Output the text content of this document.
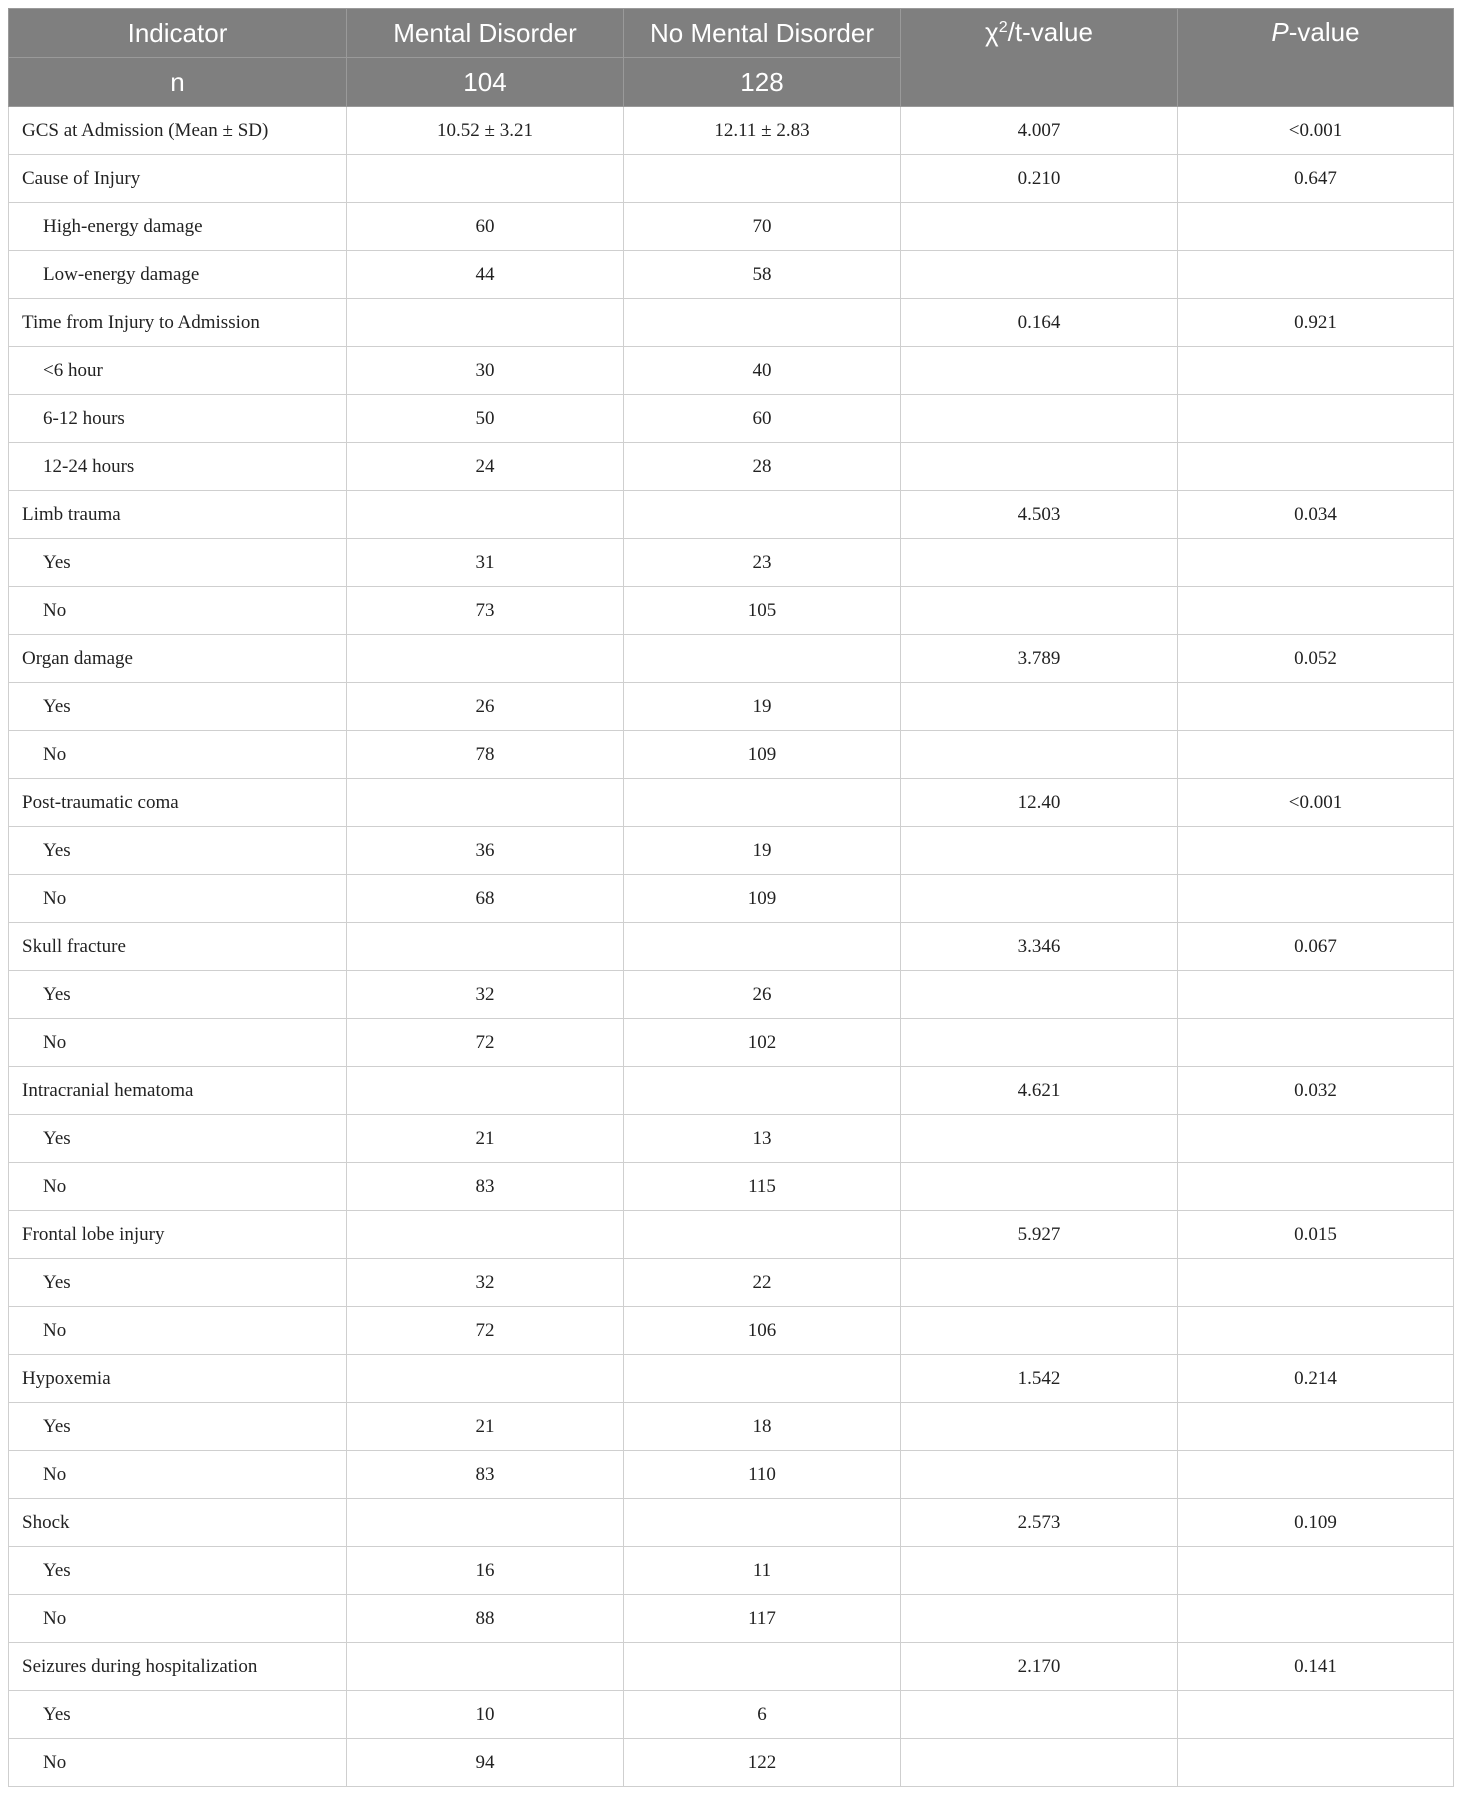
Indicator	Mental Disorder	No Mental Disorder	$\chi^2/t$-value	P-value
n	104	128		
GCS at Admission (Mean ± SD)	10.52 ± 3.21	12.11 ± 2.83	4.007	<0.001
Cause of Injury			0.210	0.647
High-energy damage	60	70		
Low-energy damage	44	58		
Time from Injury to Admission			0.164	0.921
<6 hour	30	40		
6-12 hours	50	60		
12-24 hours	24	28		
Limb trauma			4.503	0.034
Yes	31	23		
No	73	105		
Organ damage			3.789	0.052
Yes	26	19		
No	78	109		
Post-traumatic coma			12.40	<0.001
Yes	36	19		
No	68	109		
Skull fracture			3.346	0.067
Yes	32	26		
No	72	102		
Intracranial hematoma			4.621	0.032
Yes	21	13		
No	83	115		
Frontal lobe injury			5.927	0.015
Yes	32	22		
No	72	106		
Hypoxemia			1.542	0.214
Yes	21	18		
No	83	110		
Shock			2.573	0.109
Yes	16	11		
No	88	117		
Seizures during hospitalization			2.170	0.141
Yes	10	6		
No	94	122		
